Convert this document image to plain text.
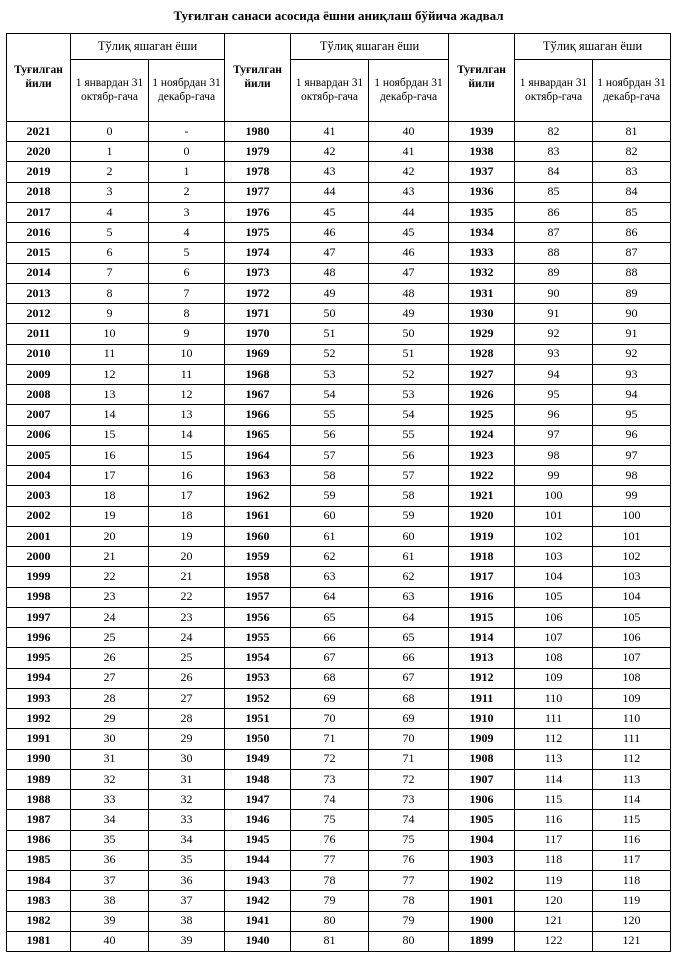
Туғилган санаси асосида ёшни аниқлаш бўйича жадвал
Туғилган йили	Тўлиқ яшаган ёши		Туғилган йили	Тўлиқ яшаган ёши		Туғилган йили	Тўлиқ яшаган ёши	
	1 январдан 31 октябр-гача	1 ноябрдан 31 декабр-гача		1 январдан 31 октябр-гача	1 ноябрдан 31 декабр-гача		1 январдан 31 октябр-гача	1 ноябрдан 31 декабр-гача
2021	0	-	1980	41	40	1939	82	81
2020	1	0	1979	42	41	1938	83	82
2019	2	1	1978	43	42	1937	84	83
2018	3	2	1977	44	43	1936	85	84
2017	4	3	1976	45	44	1935	86	85
2016	5	4	1975	46	45	1934	87	86
2015	6	5	1974	47	46	1933	88	87
2014	7	6	1973	48	47	1932	89	88
2013	8	7	1972	49	48	1931	90	89
2012	9	8	1971	50	49	1930	91	90
2011	10	9	1970	51	50	1929	92	91
2010	11	10	1969	52	51	1928	93	92
2009	12	11	1968	53	52	1927	94	93
2008	13	12	1967	54	53	1926	95	94
2007	14	13	1966	55	54	1925	96	95
2006	15	14	1965	56	55	1924	97	96
2005	16	15	1964	57	56	1923	98	97
2004	17	16	1963	58	57	1922	99	98
2003	18	17	1962	59	58	1921	100	99
2002	19	18	1961	60	59	1920	101	100
2001	20	19	1960	61	60	1919	102	101
2000	21	20	1959	62	61	1918	103	102
1999	22	21	1958	63	62	1917	104	103
1998	23	22	1957	64	63	1916	105	104
1997	24	23	1956	65	64	1915	106	105
1996	25	24	1955	66	65	1914	107	106
1995	26	25	1954	67	66	1913	108	107
1994	27	26	1953	68	67	1912	109	108
1993	28	27	1952	69	68	1911	110	109
1992	29	28	1951	70	69	1910	111	110
1991	30	29	1950	71	70	1909	112	111
1990	31	30	1949	72	71	1908	113	112
1989	32	31	1948	73	72	1907	114	113
1988	33	32	1947	74	73	1906	115	114
1987	34	33	1946	75	74	1905	116	115
1986	35	34	1945	76	75	1904	117	116
1985	36	35	1944	77	76	1903	118	117
1984	37	36	1943	78	77	1902	119	118
1983	38	37	1942	79	78	1901	120	119
1982	39	38	1941	80	79	1900	121	120
1981	40	39	1940	81	80	1899	122	121
